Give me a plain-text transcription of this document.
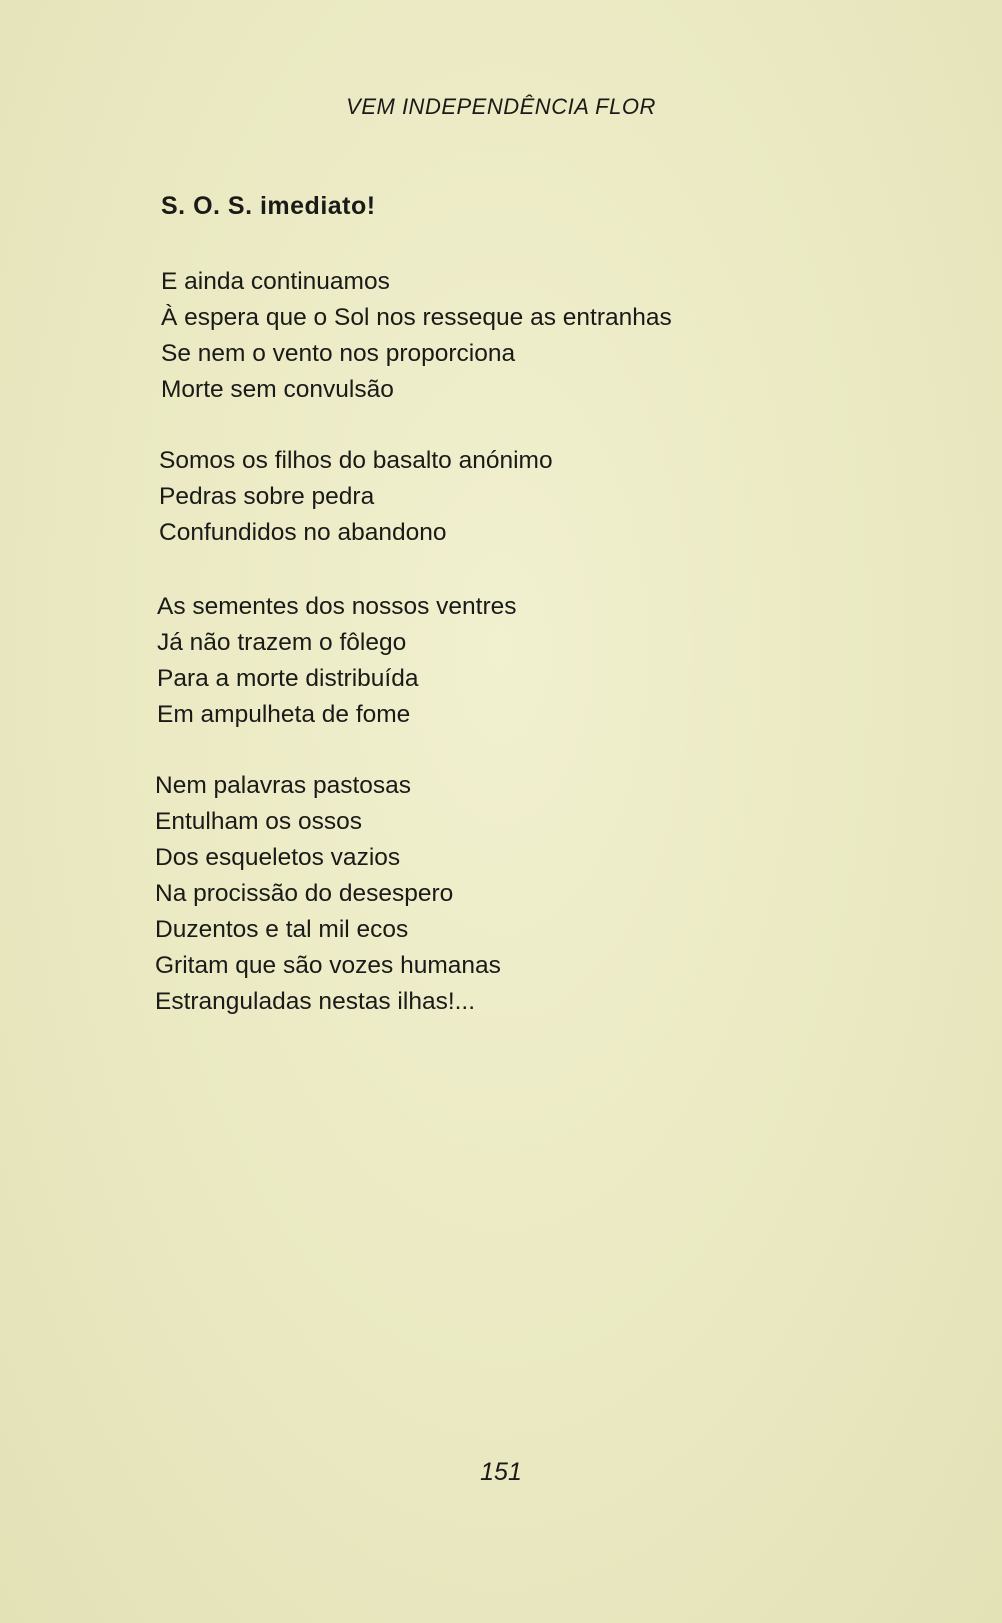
VEM INDEPENDÊNCIA FLOR
S. O. S. imediato!
E ainda continuamos
À espera que o Sol nos resseque as entranhas
Se nem o vento nos proporciona
Morte sem convulsão
Somos os filhos do basalto anónimo
Pedras sobre pedra
Confundidos no abandono
As sementes dos nossos ventres
Já não trazem o fôlego
Para a morte distribuída
Em ampulheta de fome
Nem palavras pastosas
Entulham os ossos
Dos esqueletos vazios
Na procissão do desespero
Duzentos e tal mil ecos
Gritam que são vozes humanas
Estranguladas nestas ilhas!...
151
